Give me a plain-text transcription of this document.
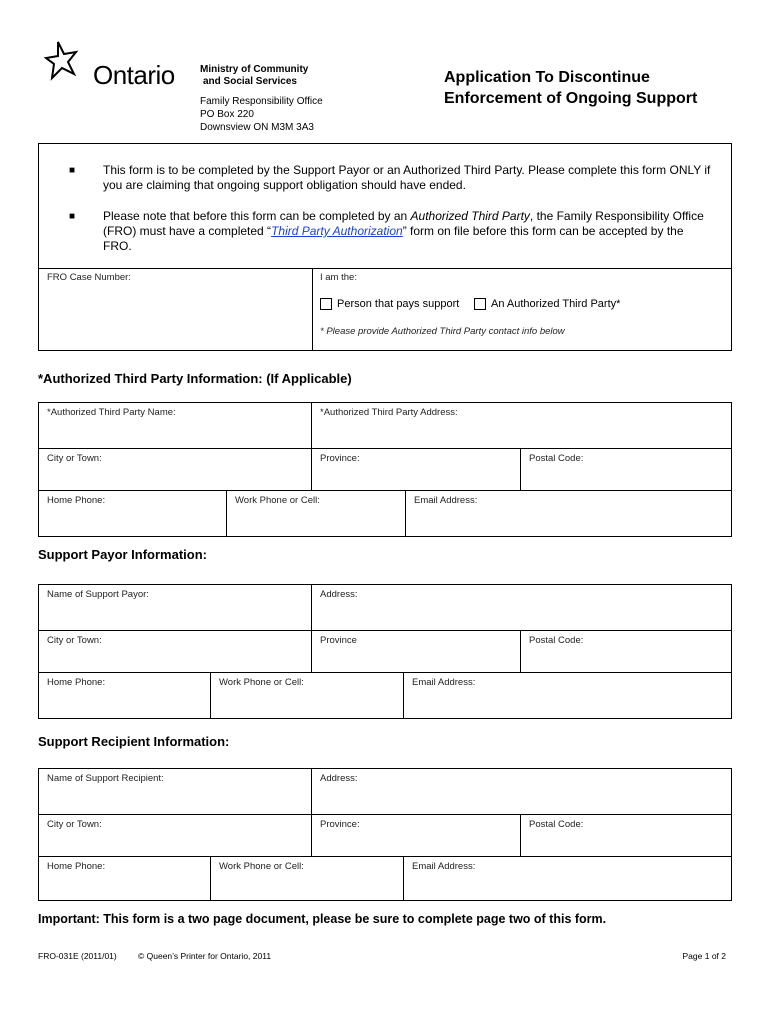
Ontario	Ministry of Community
and Social Services
Family Responsibility Office
PO Box 220
Downsview ON M3M 3A3
Application To Discontinue
Enforcement of Ongoing Support
■ This form is to be completed by the Support Payor or an Authorized Third Party. Please complete this form ONLY if you are claiming that ongoing support obligation should have ended.
■ Please note that before this form can be completed by an Authorized Third Party, the Family Responsibility Office (FRO) must have a completed “Third Party Authorization” form on file before this form can be accepted by the FRO.
FRO Case Number:	I am the:
Person that pays support	An Authorized Third Party*
* Please provide Authorized Third Party contact info below
*Authorized Third Party Information: (If Applicable)
*Authorized Third Party Name:	*Authorized Third Party Address:
City or Town:	Province:	Postal Code:
Home Phone:	Work Phone or Cell:	Email Address:
Support Payor Information:
Name of Support Payor:	Address:
City or Town:	Province	Postal Code:
Home Phone:	Work Phone or Cell:	Email Address:
Support Recipient Information:
Name of Support Recipient:	Address:
City or Town:	Province:	Postal Code:
Home Phone:	Work Phone or Cell:	Email Address:
Important: This form is a two page document, please be sure to complete page two of this form.
FRO-031E (2011/01)	© Queen’s Printer for Ontario, 2011	Page 1 of 2
